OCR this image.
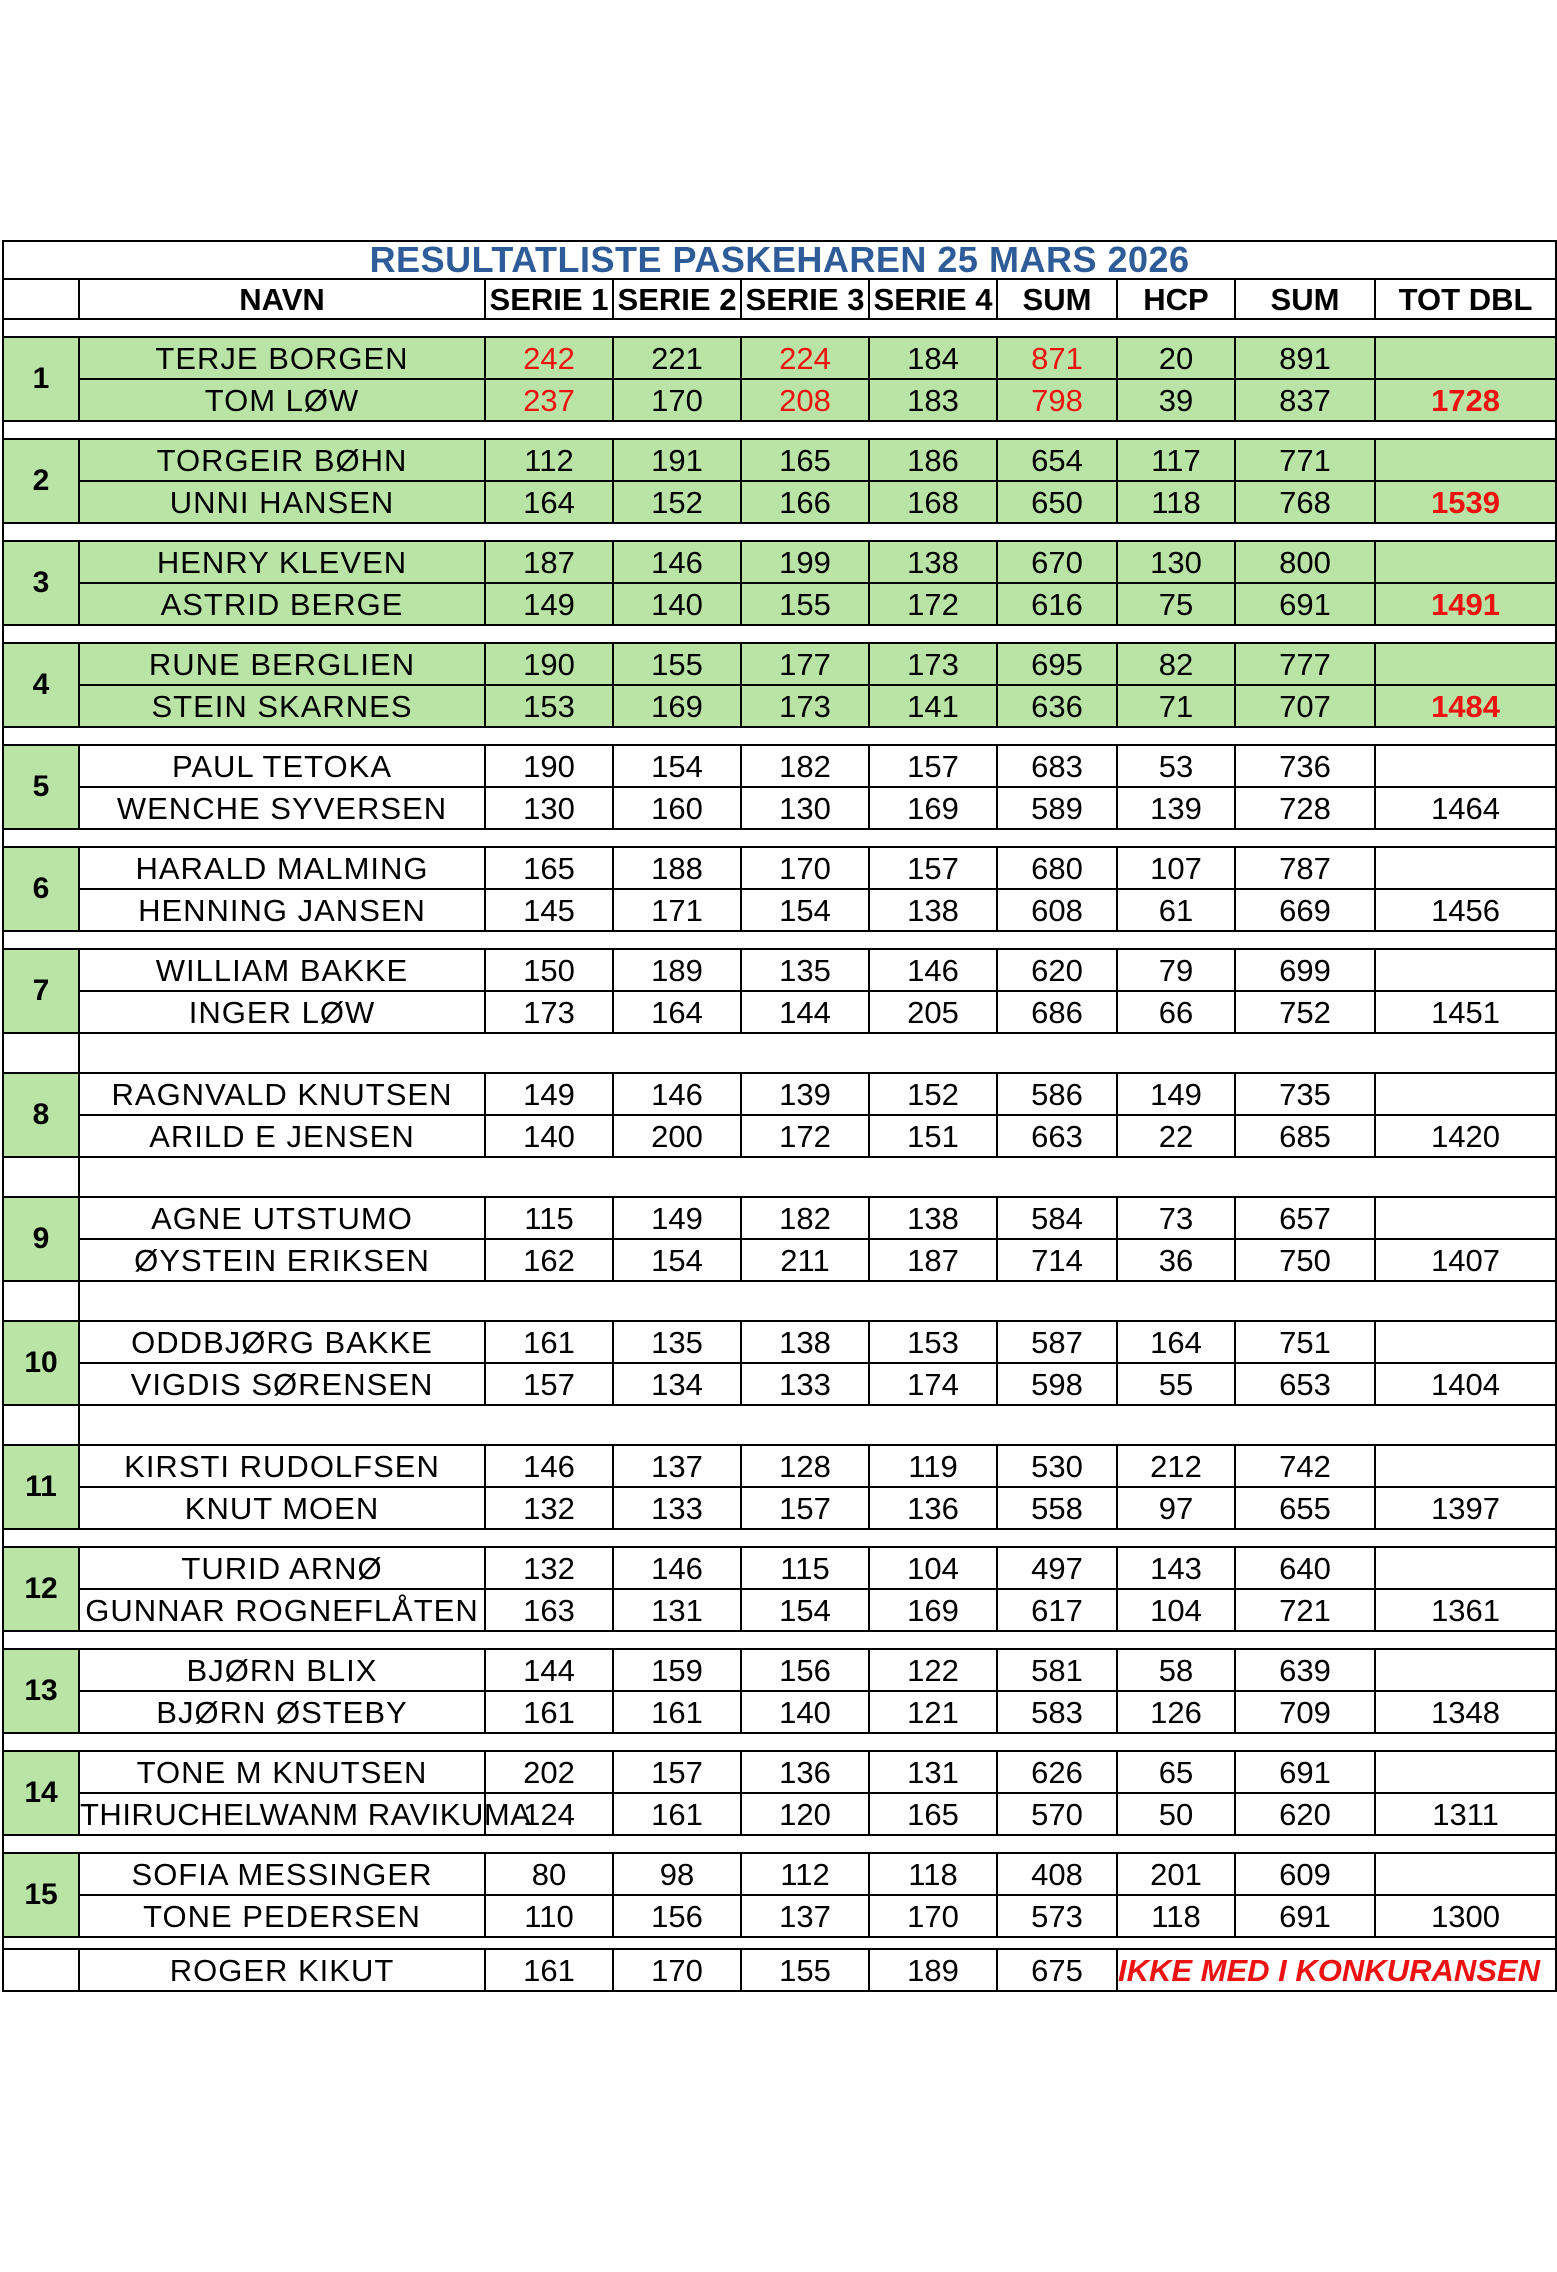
RESULTATLISTE PASKEHAREN 25 MARS 2026									
	NAVN	SERIE 1	SERIE 2	SERIE 3	SERIE 4	SUM	HCP	SUM	TOT DBL

1	TERJE BORGEN	242	221	224	184	871	20	891	
	TOM LØW	237	170	208	183	798	39	837	1728

2	TORGEIR BØHN	112	191	165	186	654	117	771	
	UNNI HANSEN	164	152	166	168	650	118	768	1539

3	HENRY KLEVEN	187	146	199	138	670	130	800	
	ASTRID BERGE	149	140	155	172	616	75	691	1491

4	RUNE BERGLIEN	190	155	177	173	695	82	777	
	STEIN SKARNES	153	169	173	141	636	71	707	1484

5	PAUL TETOKA	190	154	182	157	683	53	736	
	WENCHE SYVERSEN	130	160	130	169	589	139	728	1464

6	HARALD MALMING	165	188	170	157	680	107	787	
	HENNING JANSEN	145	171	154	138	608	61	669	1456

7	WILLIAM BAKKE	150	189	135	146	620	79	699	
	INGER LØW	173	164	144	205	686	66	752	1451

8	RAGNVALD KNUTSEN	149	146	139	152	586	149	735	
	ARILD E JENSEN	140	200	172	151	663	22	685	1420

9	AGNE UTSTUMO	115	149	182	138	584	73	657	
	ØYSTEIN ERIKSEN	162	154	211	187	714	36	750	1407

10	ODDBJØRG BAKKE	161	135	138	153	587	164	751	
	VIGDIS SØRENSEN	157	134	133	174	598	55	653	1404

11	KIRSTI RUDOLFSEN	146	137	128	119	530	212	742	
	KNUT MOEN	132	133	157	136	558	97	655	1397

12	TURID ARNØ	132	146	115	104	497	143	640	
	GUNNAR ROGNEFLÅTEN	163	131	154	169	617	104	721	1361

13	BJØRN BLIX	144	159	156	122	581	58	639	
	BJØRN ØSTEBY	161	161	140	121	583	126	709	1348

14	TONE M KNUTSEN	202	157	136	131	626	65	691	
	THIRUCHELWANM RAVIKUMA	124	161	120	165	570	50	620	1311

15	SOFIA MESSINGER	80	98	112	118	408	201	609	
	TONE PEDERSEN	110	156	137	170	573	118	691	1300

	ROGER KIKUT	161	170	155	189	675	IKKE MED I KONKURANSEN		
